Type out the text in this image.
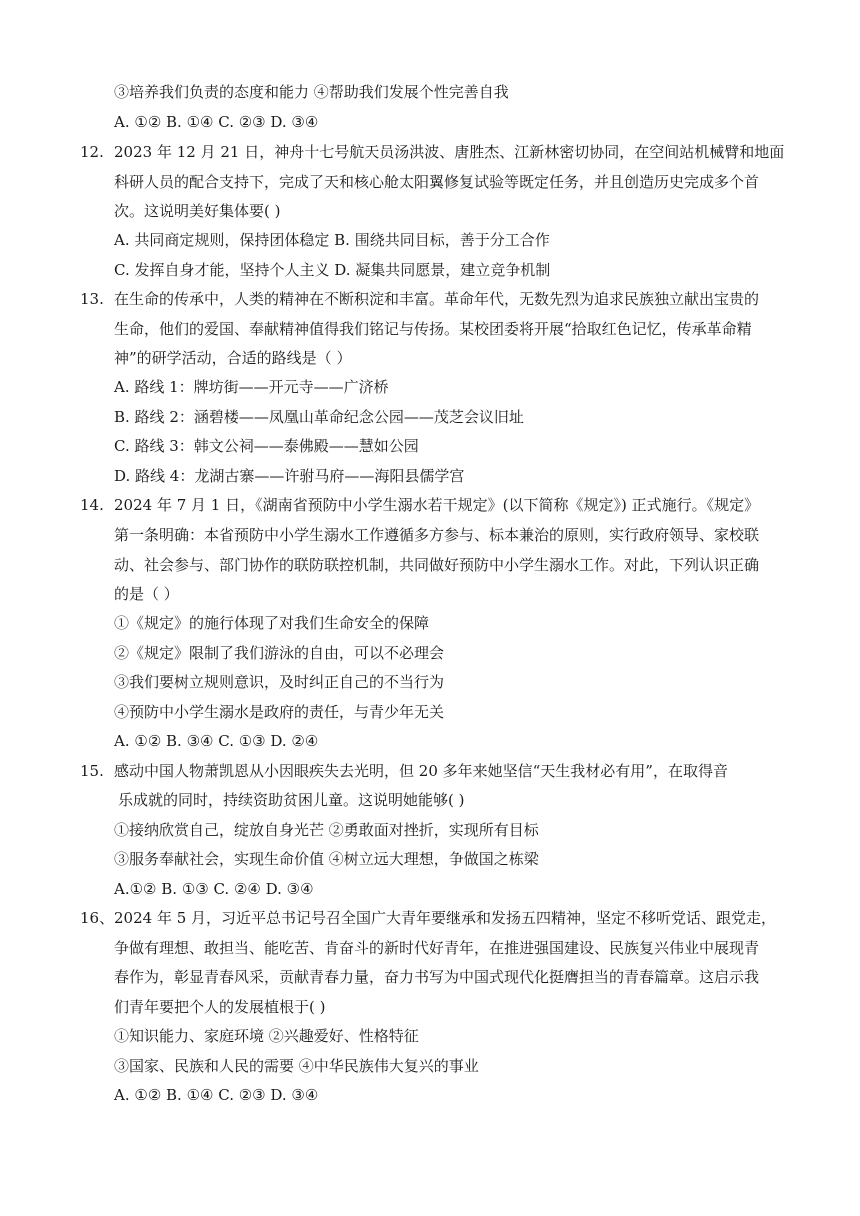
③培养我们负责的态度和能力 ④帮助我们发展个性完善自我
A. ①② B. ①④ C. ②③ D. ③④
12. 2023 年 12 月 21 日，神舟十七号航天员汤洪波、唐胜杰、江新林密切协同，在空间站机械臂和地面
科研人员的配合支持下，完成了天和核心舱太阳翼修复试验等既定任务，并且创造历史完成多个首
次。这说明美好集体要( )
A. 共同商定规则，保持团体稳定 B. 围绕共同目标，善于分工合作
C. 发挥自身才能，坚持个人主义 D. 凝集共同愿景，建立竞争机制
13. 在生命的传承中，人类的精神在不断积淀和丰富。革命年代，无数先烈为追求民族独立献出宝贵的
生命，他们的爱国、奉献精神值得我们铭记与传扬。某校团委将开展“拾取红色记忆，传承革命精
神”的研学活动，合适的路线是（ ）
A. 路线 1：牌坊街——开元寺——广济桥
B. 路线 2：涵碧楼——凤凰山革命纪念公园——茂芝会议旧址
C. 路线 3：韩文公祠——泰佛殿——慧如公园
D. 路线 4：龙湖古寨——许驸马府——海阳县儒学宫
14. 2024 年 7 月 1 日，《湖南省预防中小学生溺水若干规定》(以下简称《规定》) 正式施行。《规定》
第一条明确：本省预防中小学生溺水工作遵循多方参与、标本兼治的原则，实行政府领导、家校联
动、社会参与、部门协作的联防联控机制，共同做好预防中小学生溺水工作。对此，下列认识正确
的是（ ）
①《规定》的施行体现了对我们生命安全的保障
②《规定》限制了我们游泳的自由，可以不必理会
③我们要树立规则意识，及时纠正自己的不当行为
④预防中小学生溺水是政府的责任，与青少年无关
A. ①② B. ③④ C. ①③ D. ②④
15. 感动中国人物萧凯恩从小因眼疾失去光明，但 20 多年来她坚信“天生我材必有用”，在取得音
乐成就的同时，持续资助贫困儿童。这说明她能够( )
①接纳欣赏自己，绽放自身光芒 ②勇敢面对挫折，实现所有目标
③服务奉献社会，实现生命价值 ④树立远大理想，争做国之栋梁
A.①② B. ①③ C. ②④ D. ③④
16、 2024 年 5 月，习近平总书记号召全国广大青年要继承和发扬五四精神，坚定不移听党话、跟党走，
争做有理想、敢担当、能吃苦、肯奋斗的新时代好青年，在推进强国建设、民族复兴伟业中展现青
春作为，彰显青春风采，贡献青春力量，奋力书写为中国式现代化挺膺担当的青春篇章。这启示我
们青年要把个人的发展植根于( )
①知识能力、家庭环境 ②兴趣爱好、性格特征
③国家、民族和人民的需要 ④中华民族伟大复兴的事业
A. ①② B. ①④ C. ②③ D. ③④
